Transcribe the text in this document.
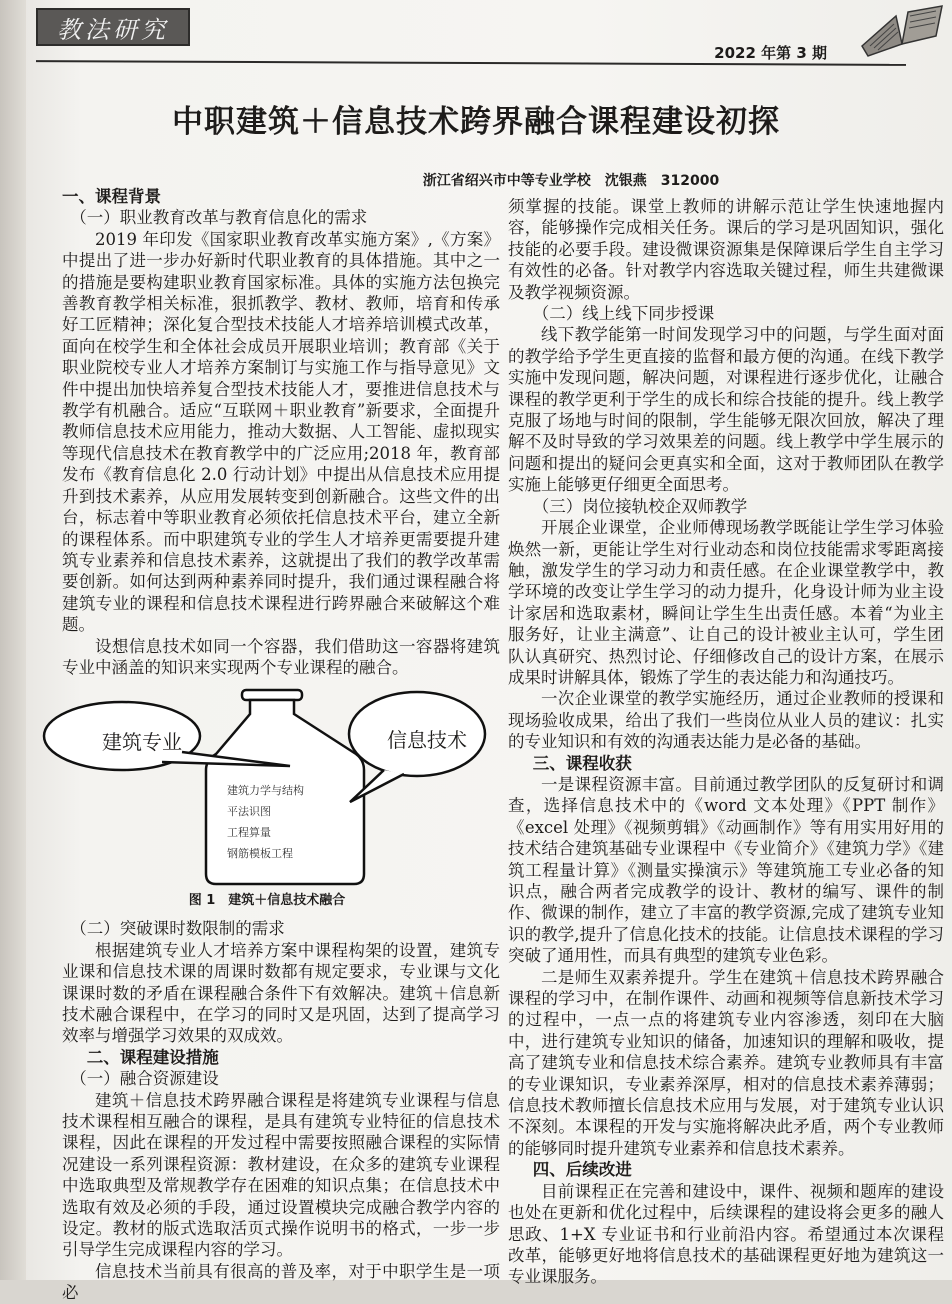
教法研究
2022 年第 3 期
中职建筑＋信息技术跨界融合课程建设初探
浙江省绍兴市中等专业学校　沈银燕　312000

一、课程背景

（一）职业教育改革与教育信息化的需求

2019 年印发《国家职业教育改革实施方案》,《方案》中提出了进一步办好新时代职业教育的具体措施。其中之一的措施是要构建职业教育国家标准。具体的实施方法包换完善教育教学相关标准，狠抓教学、教材、教师，培育和传承好工匠精神；深化复合型技术技能人才培养培训模式改革，面向在校学生和全体社会成员开展职业培训；教育部《关于职业院校专业人才培养方案制订与实施工作与指导意见》文件中提出加快培养复合型技术技能人才，要推进信息技术与教学有机融合。适应“互联网＋职业教育”新要求，全面提升教师信息技术应用能力，推动大数据、人工智能、虚拟现实等现代信息技术在教育教学中的广泛应用;2018 年，教育部发布《教育信息化 2.0 行动计划》中提出从信息技术应用提升到技术素养，从应用发展转变到创新融合。这些文件的出台，标志着中等职业教育必须依托信息技术平台，建立全新的课程体系。而中职建筑专业的学生人才培养更需要提升建筑专业素养和信息技术素养，这就提出了我们的教学改革需要创新。如何达到两种素养同时提升，我们通过课程融合将建筑专业的课程和信息技术课程进行跨界融合来破解这个难题。

设想信息技术如同一个容器，我们借助这一容器将建筑专业中涵盖的知识来实现两个专业课程的融合。

建筑专业	信息技术
建筑力学与结构
平法识图
工程算量
钢筋模板工程
图 1　建筑＋信息技术融合

（二）突破课时数限制的需求

根据建筑专业人才培养方案中课程构架的设置，建筑专业课和信息技术课的周课时数都有规定要求，专业课与文化课课时数的矛盾在课程融合条件下有效解决。建筑＋信息新技术融合课程中，在学习的同时又是巩固，达到了提高学习效率与增强学习效果的双成效。

二、课程建设措施

（一）融合资源建设

建筑＋信息技术跨界融合课程是将建筑专业课程与信息技术课程相互融合的课程，是具有建筑专业特征的信息技术课程，因此在课程的开发过程中需要按照融合课程的实际情况建设一系列课程资源：教材建设，在众多的建筑专业课程中选取典型及常规教学存在困难的知识点集；在信息技术中选取有效及必须的手段，通过设置模块完成融合教学内容的设定。教材的版式选取活页式操作说明书的格式，一步一步引导学生完成课程内容的学习。

信息技术当前具有很高的普及率，对于中职学生是一项必

须掌握的技能。课堂上教师的讲解示范让学生快速地握内容，能够操作完成相关任务。课后的学习是巩固知识，强化技能的必要手段。建设微课资源集是保障课后学生自主学习有效性的必备。针对教学内容选取关键过程，师生共建微课及教学视频资源。

（二）线上线下同步授课

线下教学能第一时间发现学习中的问题，与学生面对面的教学给予学生更直接的监督和最方便的沟通。在线下教学实施中发现问题，解决问题，对课程进行逐步优化，让融合课程的教学更利于学生的成长和综合技能的提升。线上教学克服了场地与时间的限制，学生能够无限次回放，解决了理解不及时导致的学习效果差的问题。线上教学中学生展示的问题和提出的疑问会更真实和全面，这对于教师团队在教学实施上能够更仔细更全面思考。

（三）岗位接轨校企双师教学

开展企业课堂，企业师傅现场教学既能让学生学习体验焕然一新，更能让学生对行业动态和岗位技能需求零距离接触，激发学生的学习动力和责任感。在企业课堂教学中，教学环境的改变让学生学习的动力提升，化身设计师为业主设计家居和选取素材，瞬间让学生生出责任感。本着“为业主服务好，让业主满意”、让自己的设计被业主认可，学生团队认真研究、热烈讨论、仔细修改自己的设计方案，在展示成果时讲解具体，锻炼了学生的表达能力和沟通技巧。

一次企业课堂的教学实施经历，通过企业教师的授课和现场验收成果，给出了我们一些岗位从业人员的建议：扎实的专业知识和有效的沟通表达能力是必备的基础。

三、课程收获

一是课程资源丰富。目前通过教学团队的反复研讨和调查，选择信息技术中的《word 文本处理》《PPT 制作》《excel 处理》《视频剪辑》《动画制作》等有用实用好用的技术结合建筑基础专业课程中《专业简介》《建筑力学》《建筑工程量计算》《测量实操演示》等建筑施工专业必备的知识点，融合两者完成教学的设计、教材的编写、课件的制作、微课的制作，建立了丰富的教学资源,完成了建筑专业知识的教学,提升了信息化技术的技能。让信息技术课程的学习突破了通用性，而具有典型的建筑专业色彩。

二是师生双素养提升。学生在建筑＋信息技术跨界融合课程的学习中，在制作课件、动画和视频等信息新技术学习的过程中，一点一点的将建筑专业内容渗透，刻印在大脑中，进行建筑专业知识的储备，加速知识的理解和吸收，提高了建筑专业和信息技术综合素养。建筑专业教师具有丰富的专业课知识，专业素养深厚，相对的信息技术素养薄弱；信息技术教师擅长信息技术应用与发展，对于建筑专业认识不深刻。本课程的开发与实施将解决此矛盾，两个专业教师的能够同时提升建筑专业素养和信息技术素养。

四、后续改进

目前课程正在完善和建设中，课件、视频和题库的建设也处在更新和优化过程中，后续课程的建设将会更多的融人思政、1+X 专业证书和行业前沿内容。希望通过本次课程改革，能够更好地将信息技术的基础课程更好地为建筑这一专业课服务。
